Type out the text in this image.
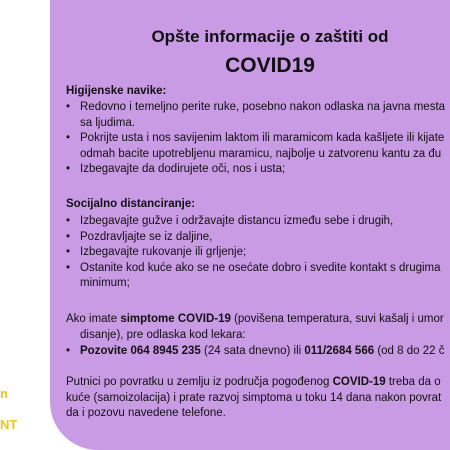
n
NT
Opšte informacije o zaštiti od
COVID19
Higijenske navike:
• Redovno i temeljno perite ruke, posebno nakon odlaska na javna mesta
sa ljudima.
• Pokrijte usta i nos savijenim laktom ili maramicom kada kašljete ili kijate
odmah bacite upotrebljenu maramicu, najbolje u zatvorenu kantu za đu
• Izbegavajte da dodirujete oči, nos i usta;
Socijalno distanciranje:
• Izbegavajte gužve i održavajte distancu između sebe i drugih,
• Pozdravljajte se iz daljine,
• Izbegavajte rukovanje ili grljenje;
• Ostanite kod kuće ako se ne osećate dobro i svedite kontakt s drugima
minimum;
Ako imate simptome COVID-19 (povišena temperatura, suvi kašalj i umor
disanje), pre odlaska kod lekara:
• Pozovite 064 8945 235 (24 sata dnevno) ili 011/2684 566 (od 8 do 22 č
Putnici po povratku u zemlju iz područja pogođenog COVID-19 treba da o
kuće (samoizolacija) i prate razvoj simptoma u toku 14 dana nakon povrat
da i pozovu navedene telefone.
